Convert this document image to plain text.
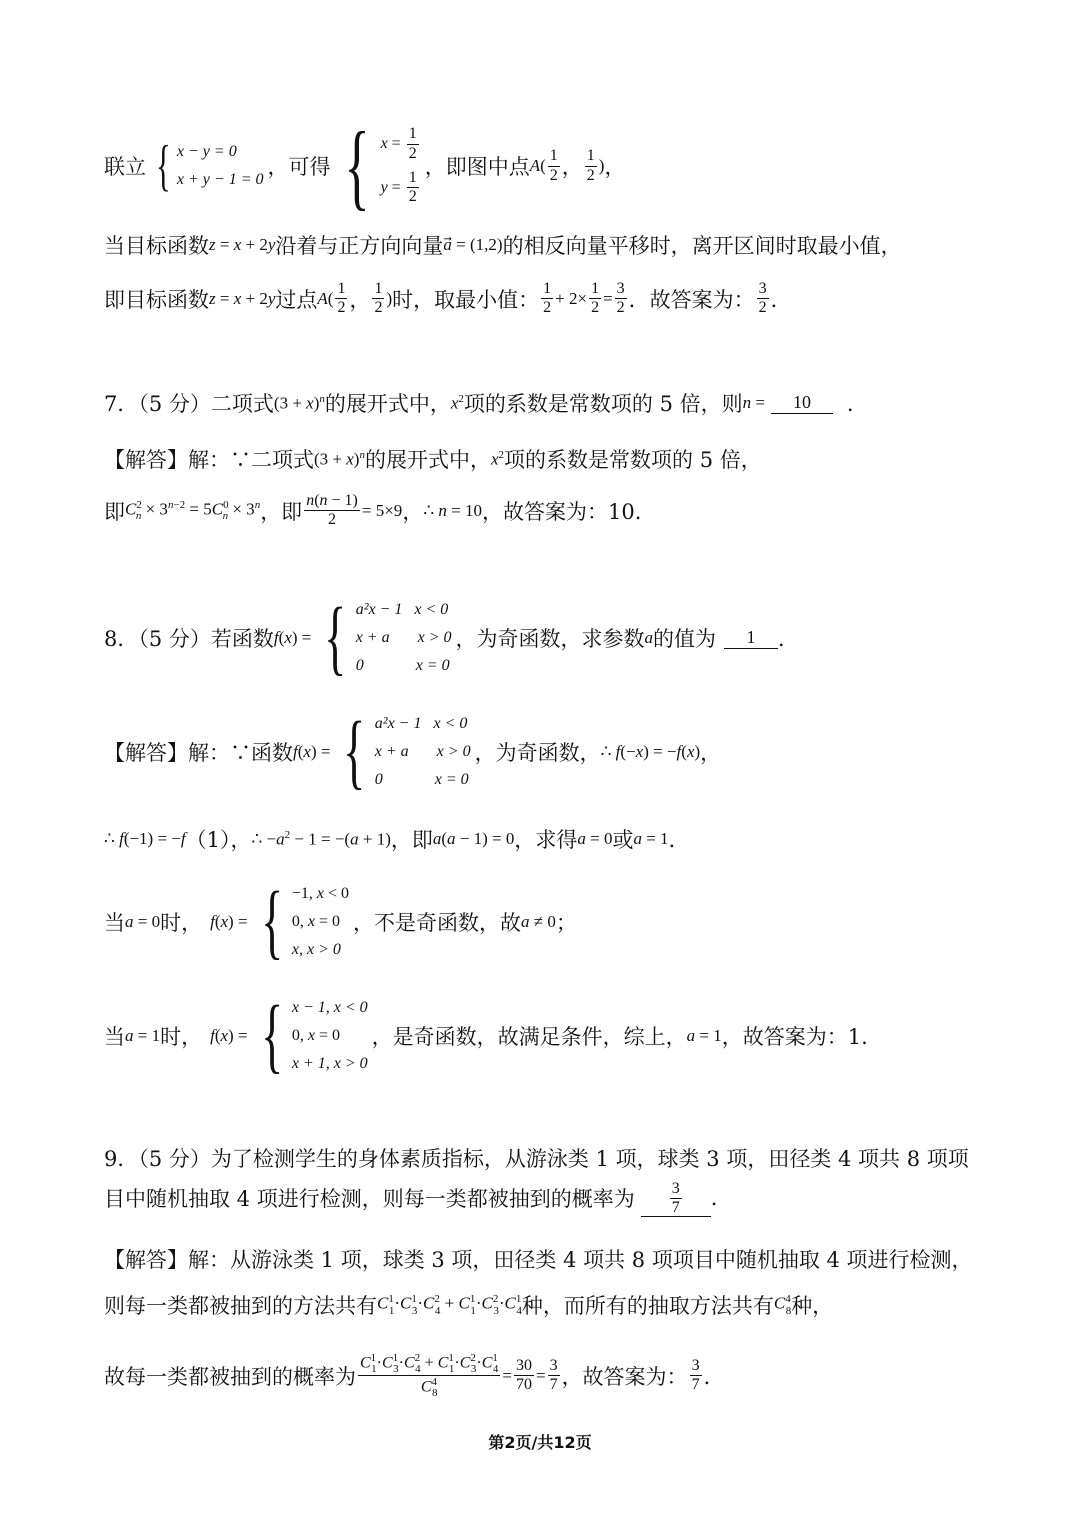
联立 { x − y = 0
x + y − 1 = 0
，可得 { $x = \frac{1}{2}$
$y = \frac{1}{2}$
，即图中点 A ( $\frac{1}{2}$ ， $\frac{1}{2}$ ) ，
当目标函数 z = x + 2y 沿着与正方向向量 a⃗ = (1,2) 的相反向量平移时，离开区间时取最小值，
即目标函数 z = x + 2y 过点 A ( $\frac{1}{2}$ ， $\frac{1}{2}$ ) 时，取最小值： $\frac{1}{2} + 2\times \frac{1}{2} = \frac{3}{2}$ ．故答案为： $\frac{3}{2}$ ．
7．（5 分）二项式 $(3 + x)^n$ 的展开式中， $x^2$ 项的系数是常数项的 5 倍，则 n =	10	．
【解答】解：∵二项式 $(3 + x)^n$ 的展开式中， $x^2$ 项的系数是常数项的 5 倍，
即 $C^2_n \times 3^{n-2} = 5C^0_n \times 3^n$ ，即 $\frac{n(n - 1)}{2} = 5\times 9$ ， ∴ n = 10 ，故答案为：10.
8．（5 分）若函数 f(x) = { a²x − 1   x < 0
x + a       x > 0
0             x = 0
，为奇函数，求参数 a 的值为	1	．
【解答】解：∵函数 f(x) = { a²x − 1   x < 0
x + a       x > 0
0             x = 0
，为奇函数， ∴ f(−x) = −f(x) ，
∴ f(−1) = −f （1）， ∴ $-a^2 - 1 = -(a + 1)$ ，即 a(a − 1) = 0 ，求得 a = 0 或 a = 1 ．
当 a = 0 时， f(x) = { −1, x < 0
0, x = 0
x, x > 0
，不是奇函数，故 a ≠ 0 ；
当 a = 1 时， f(x) = { x − 1, x < 0
0, x = 0
x + 1, x > 0
，是奇函数，故满足条件，综上， a = 1 ，故答案为：1.
9．（5 分）为了检测学生的身体素质指标，从游泳类 1 项，球类 3 项，田径类 4 项共 8 项项
目中随机抽取 4 项进行检测，则每一类都被抽到的概率为 $\frac{3}{7}$ .
【解答】解：从游泳类 1 项，球类 3 项，田径类 4 项共 8 项项目中随机抽取 4 项进行检测，
则每一类都被抽到的方法共有 $C^1_1\cdot C^1_3\cdot C^2_4 + C^1_1\cdot C^2_3\cdot C^1_4$ 种，而所有的抽取方法共有 $C^4_8$ 种，
故每一类都被抽到的概率为 $\frac{C^1_1\cdot C^1_3\cdot C^2_4 + C^1_1\cdot C^2_3\cdot C^1_4}{C^4_8} = \frac{30}{70} = \frac{3}{7}$ ，故答案为： $\frac{3}{7}$ ．
第2页/共12页
